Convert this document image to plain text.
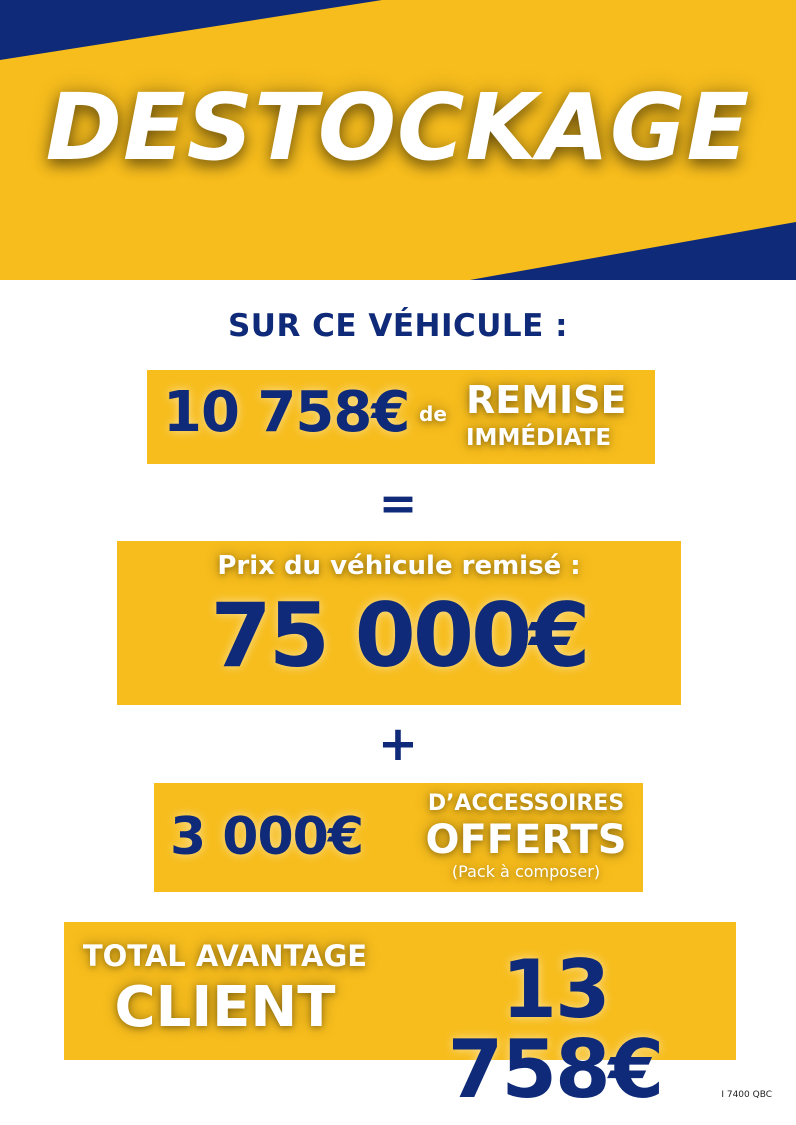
DESTOCKAGE
SUR CE VÉHICULE :
10 758€ de REMISE
IMMÉDIATE
=
Prix du véhicule remisé :
75 000€
+
3 000€
D’ACCESSOIRES
OFFERTS
(Pack à composer)
TOTAL AVANTAGE
CLIENT	13 758€	I 7400 QBC
